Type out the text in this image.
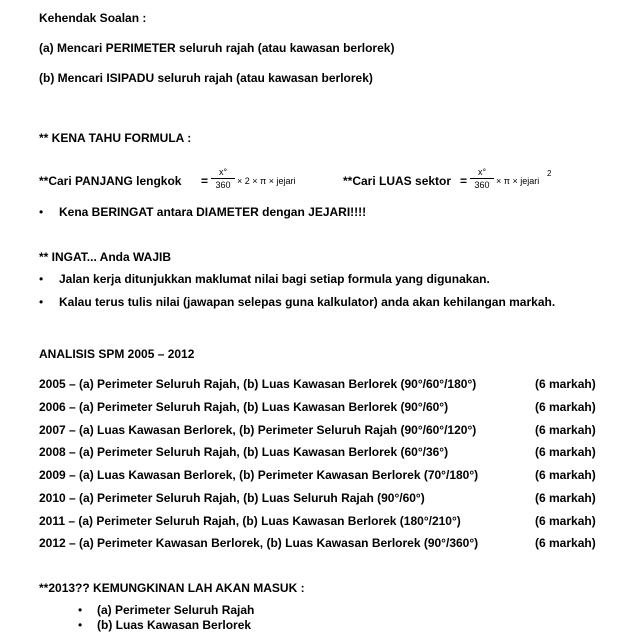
Kehendak Soalan :
(a) Mencari PERIMETER seluruh rajah (atau kawasan berlorek)
(b) Mencari ISIPADU seluruh rajah (atau kawasan berlorek)
** KENA TAHU FORMULA :
**Cari PANJANG lengkok = $\frac{x^\circ}{360} \times 2 \times \pi$ × jejari	**Cari LUAS sektor = $\frac{x^\circ}{360} \times \pi$ × jejari
2
• Kena BERINGAT antara DIAMETER dengan JEJARI!!!!
** INGAT... Anda WAJIB
• Jalan kerja ditunjukkan maklumat nilai bagi setiap formula yang digunakan.
• Kalau terus tulis nilai (jawapan selepas guna kalkulator) anda akan kehilangan markah.
ANALISIS SPM 2005 – 2012
2005 – (a) Perimeter Seluruh Rajah, (b) Luas Kawasan Berlorek (90°/60°/180°)	(6 markah)
2006 – (a) Perimeter Seluruh Rajah, (b) Luas Kawasan Berlorek (90°/60°)	(6 markah)
2007 – (a) Luas Kawasan Berlorek, (b) Perimeter Seluruh Rajah (90°/60°/120°)	(6 markah)
2008 – (a) Perimeter Seluruh Rajah, (b) Luas Kawasan Berlorek (60°/36°)	(6 markah)
2009 – (a) Luas Kawasan Berlorek, (b) Perimeter Kawasan Berlorek (70°/180°)	(6 markah)
2010 – (a) Perimeter Seluruh Rajah, (b) Luas Seluruh Rajah (90°/60°)	(6 markah)
2011 – (a) Perimeter Seluruh Rajah, (b) Luas Kawasan Berlorek (180°/210°)	(6 markah)
2012 – (a) Perimeter Kawasan Berlorek, (b) Luas Kawasan Berlorek (90°/360°)	(6 markah)
**2013?? KEMUNGKINAN LAH AKAN MASUK :
• (a) Perimeter Seluruh Rajah
• (b) Luas Kawasan Berlorek
